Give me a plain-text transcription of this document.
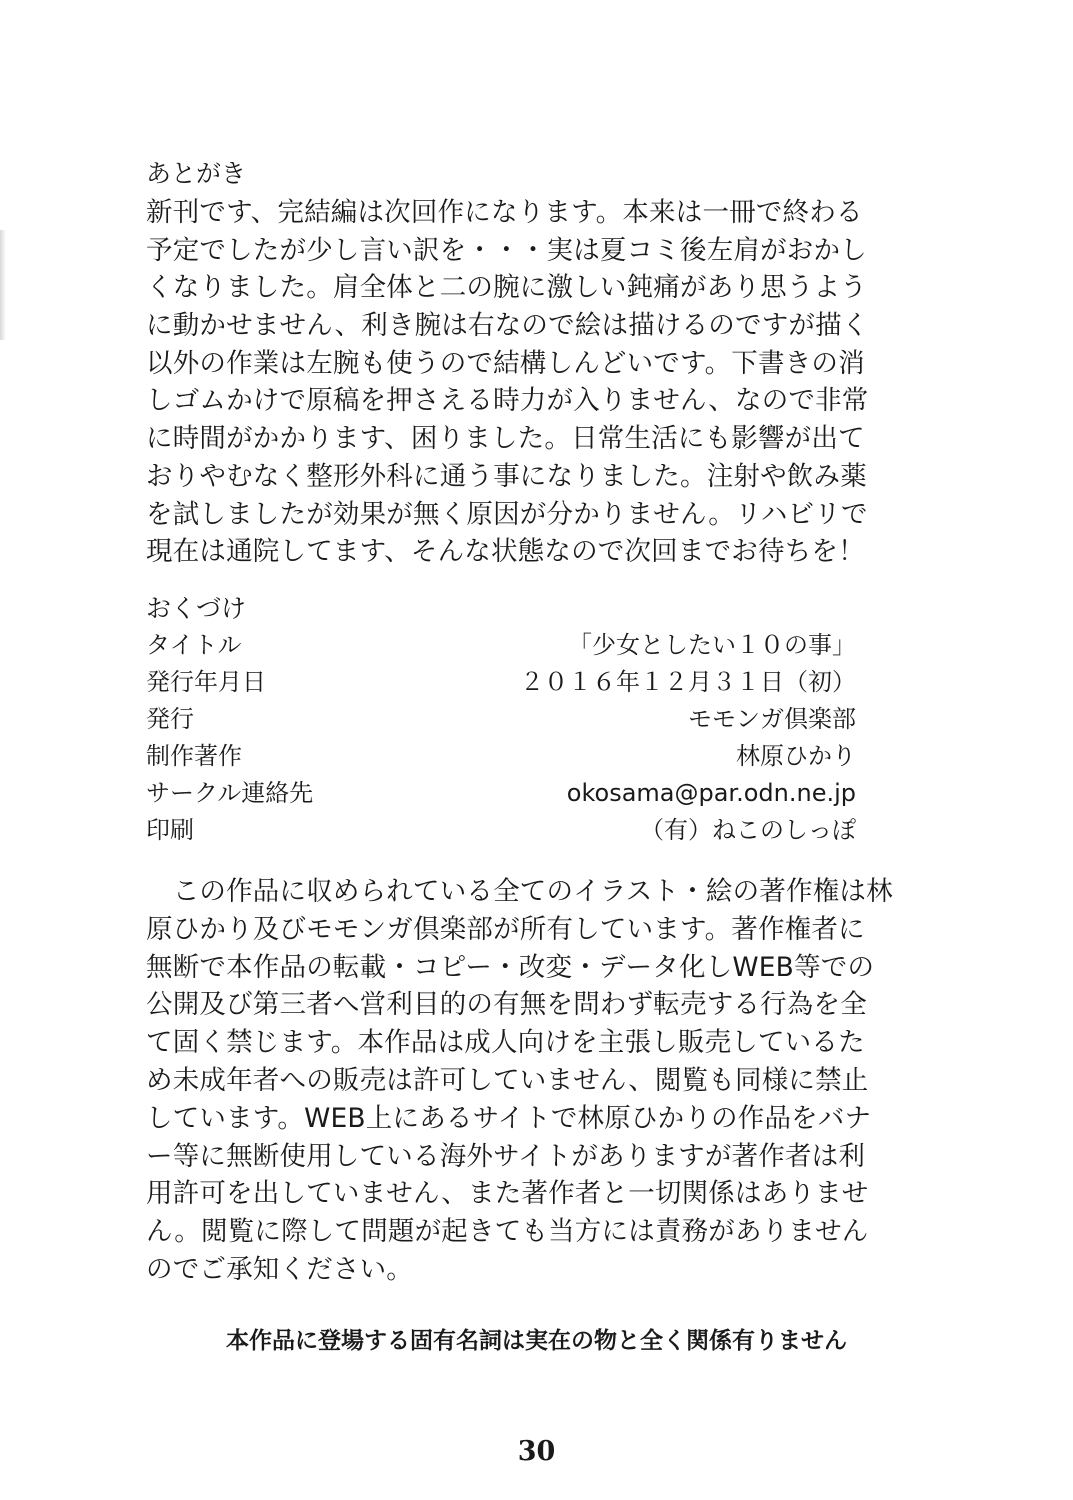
あとがき
新刊です、完結編は次回作になります。本来は一冊で終わる
予定でしたが少し言い訳を・・・実は夏コミ後左肩がおかし
くなりました。肩全体と二の腕に激しい鈍痛があり思うよう
に動かせません、利き腕は右なので絵は描けるのですが描く
以外の作業は左腕も使うので結構しんどいです。下書きの消
しゴムかけで原稿を押さえる時力が入りません、なので非常
に時間がかかります、困りました。日常生活にも影響が出て
おりやむなく整形外科に通う事になりました。注射や飲み薬
を試しましたが効果が無く原因が分かりません。リハビリで
現在は通院してます、そんな状態なので次回までお待ちを！
おくづけ
タイトル	「少女としたい１０の事」
発行年月日	２０１６年１２月３１日（初）
発行	モモンガ倶楽部
制作著作	林原ひかり
サークル連絡先	okosama@par.odn.ne.jp
印刷	（有）ねこのしっぽ
　この作品に収められている全てのイラスト・絵の著作権は林
原ひかり及びモモンガ倶楽部が所有しています。著作権者に
無断で本作品の転載・コピー・改変・データ化しWEB等での
公開及び第三者へ営利目的の有無を問わず転売する行為を全
て固く禁じます。本作品は成人向けを主張し販売しているた
め未成年者への販売は許可していません、閲覧も同様に禁止
しています。WEB上にあるサイトで林原ひかりの作品をバナ
ー等に無断使用している海外サイトがありますが著作者は利
用許可を出していません、また著作者と一切関係はありませ
ん。閲覧に際して問題が起きても当方には責務がありません
のでご承知ください。
本作品に登場する固有名詞は実在の物と全く関係有りません
30
